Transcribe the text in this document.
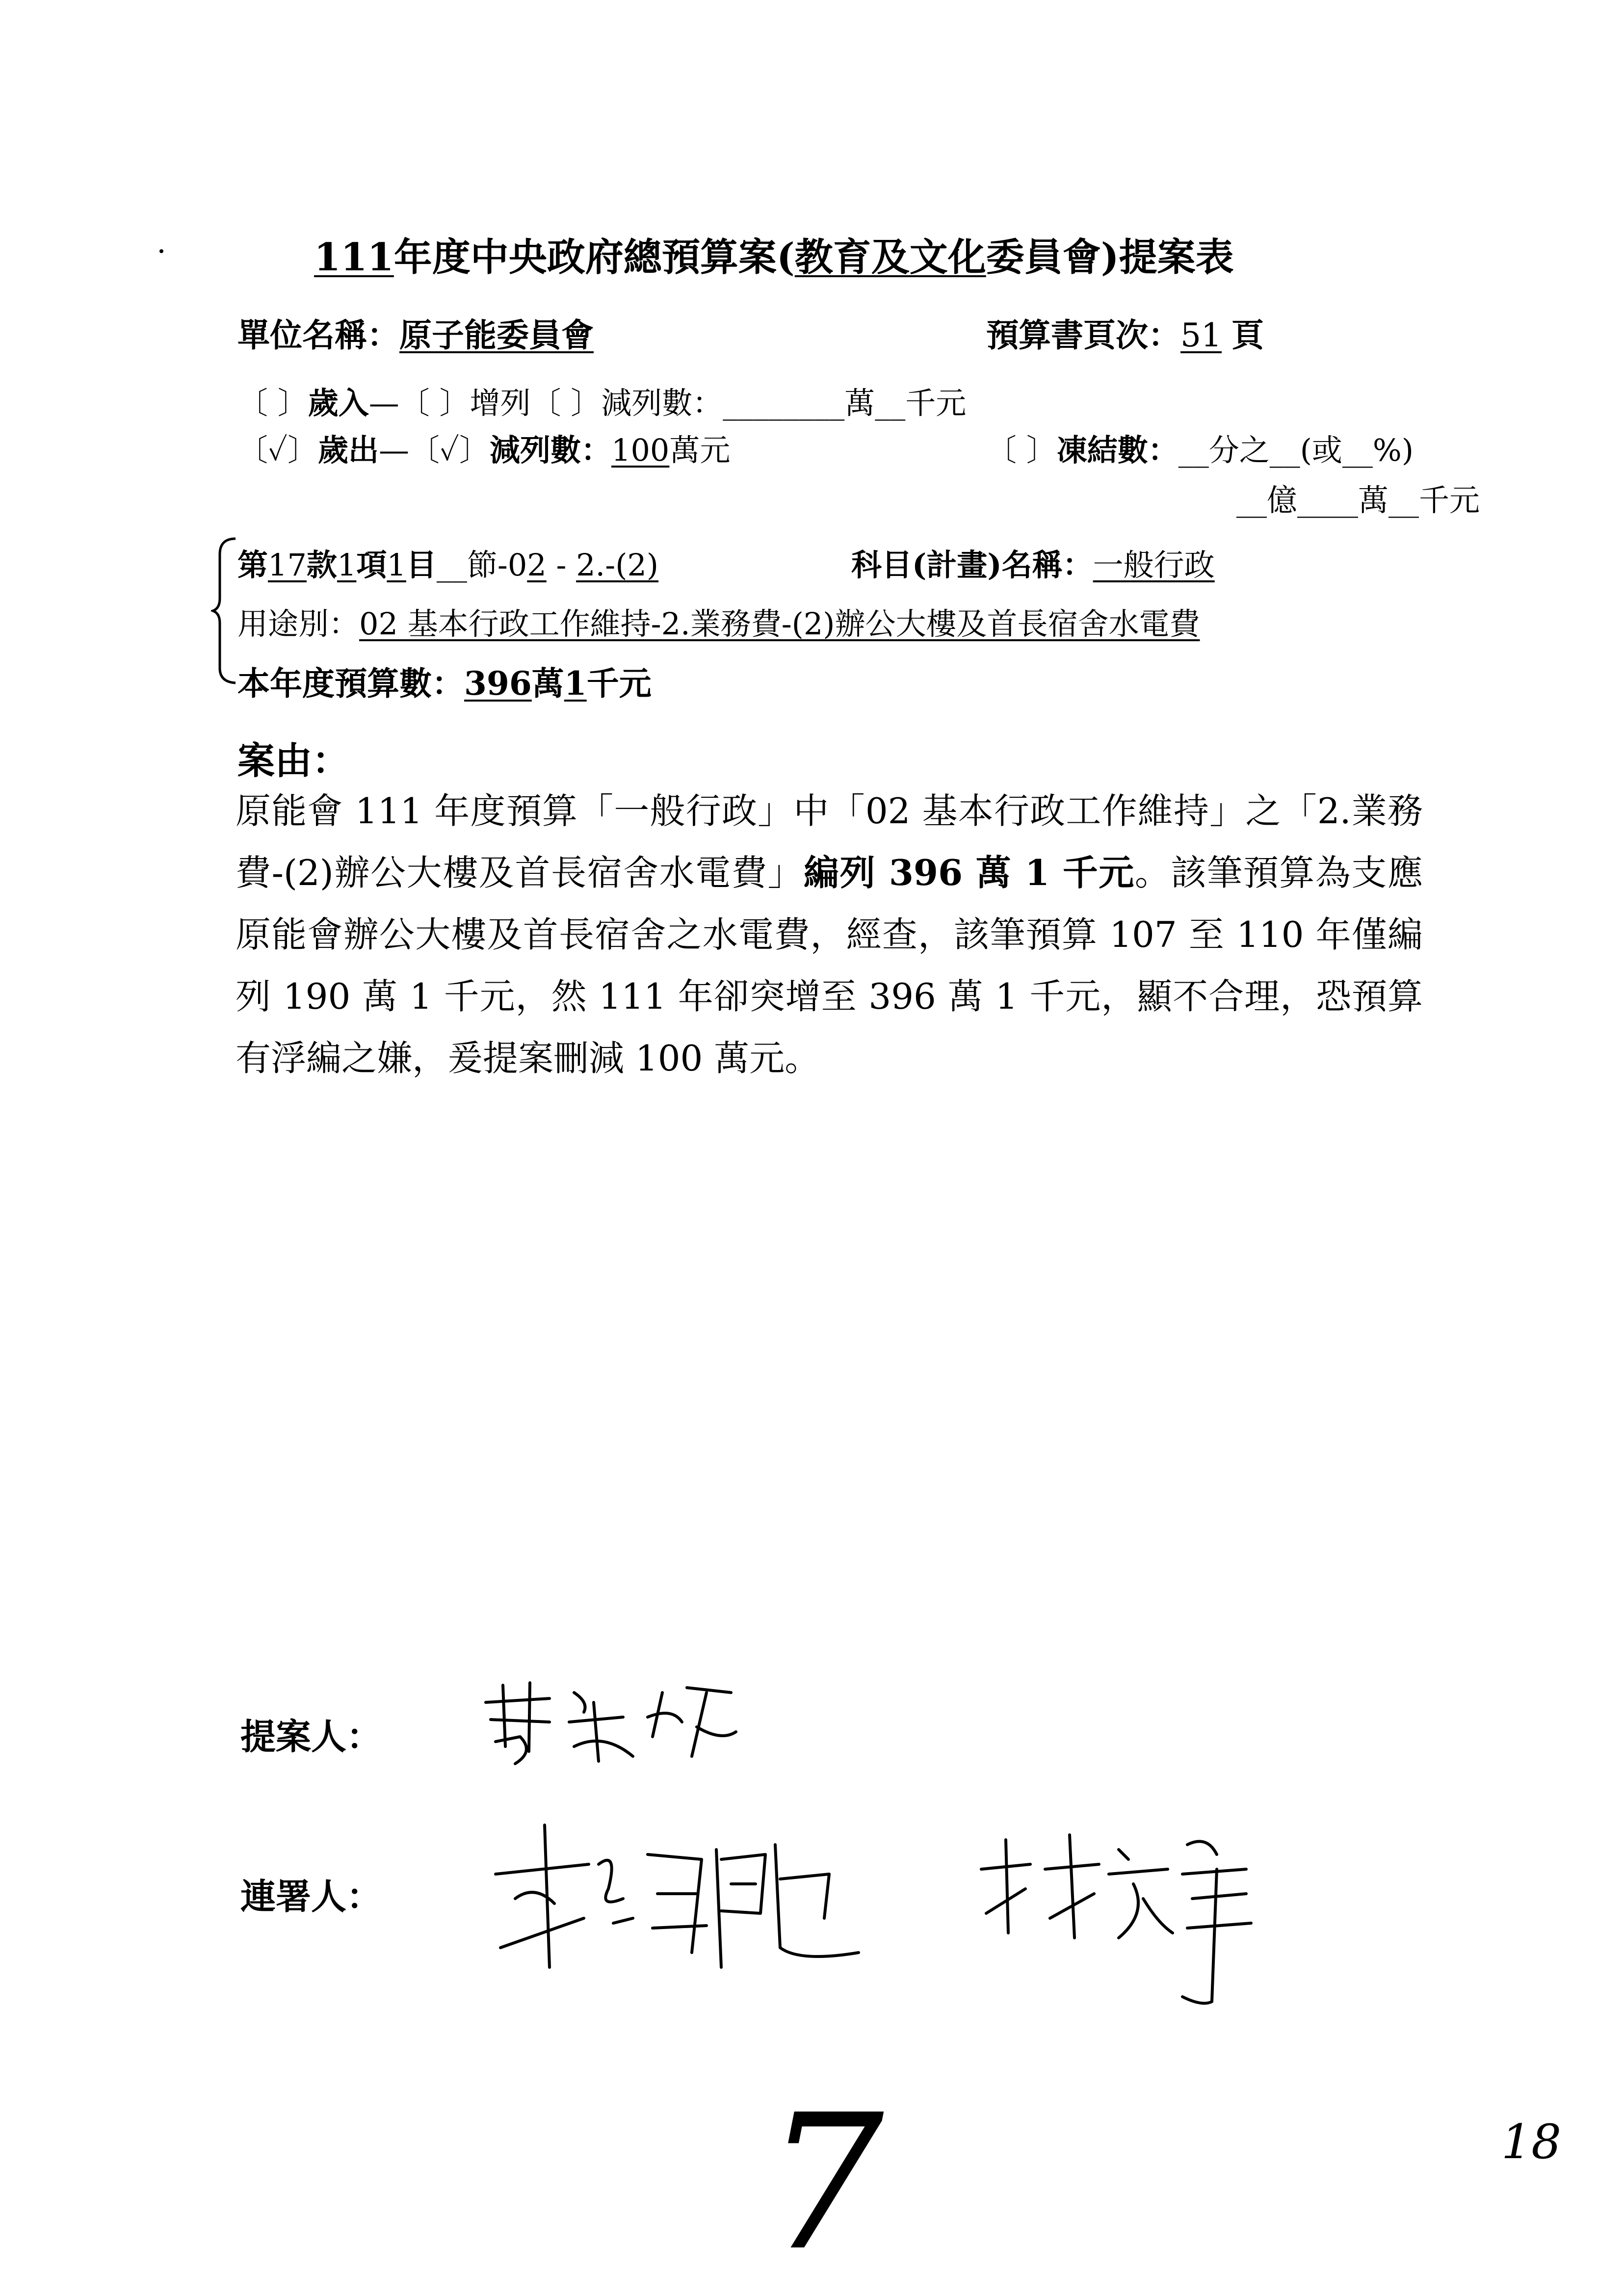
111年度中央政府總預算案(教育及文化委員會)提案表
單位名稱：原子能委員會	預算書頁次：51 頁
〔 〕歲入—〔 〕增列〔 〕減列數：________萬__千元
〔✓〕歲出—〔✓〕減列數：100萬元	〔 〕凍結數：__分之__(或__%)
__億____萬__千元
第17款1項1目__節-02 - 2.-(2)	科目(計畫)名稱：一般行政
用途別：02 基本行政工作維持-2.業務費-(2)辦公大樓及首長宿舍水電費
本年度預算數：396萬1千元
案由：
原能會 111 年度預算「一般行政」中「02 基本行政工作維持」之「2.業務費-(2)辦公大樓及首長宿舍水電費」編列 396 萬 1 千元。該筆預算為支應原能會辦公大樓及首長宿舍之水電費，經查，該筆預算 107 至 110 年僅編列 190 萬 1 千元，然 111 年卻突增至 396 萬 1 千元，顯不合理，恐預算有浮編之嫌，爰提案刪減 100 萬元。
提案人：
連署人：
7	18
